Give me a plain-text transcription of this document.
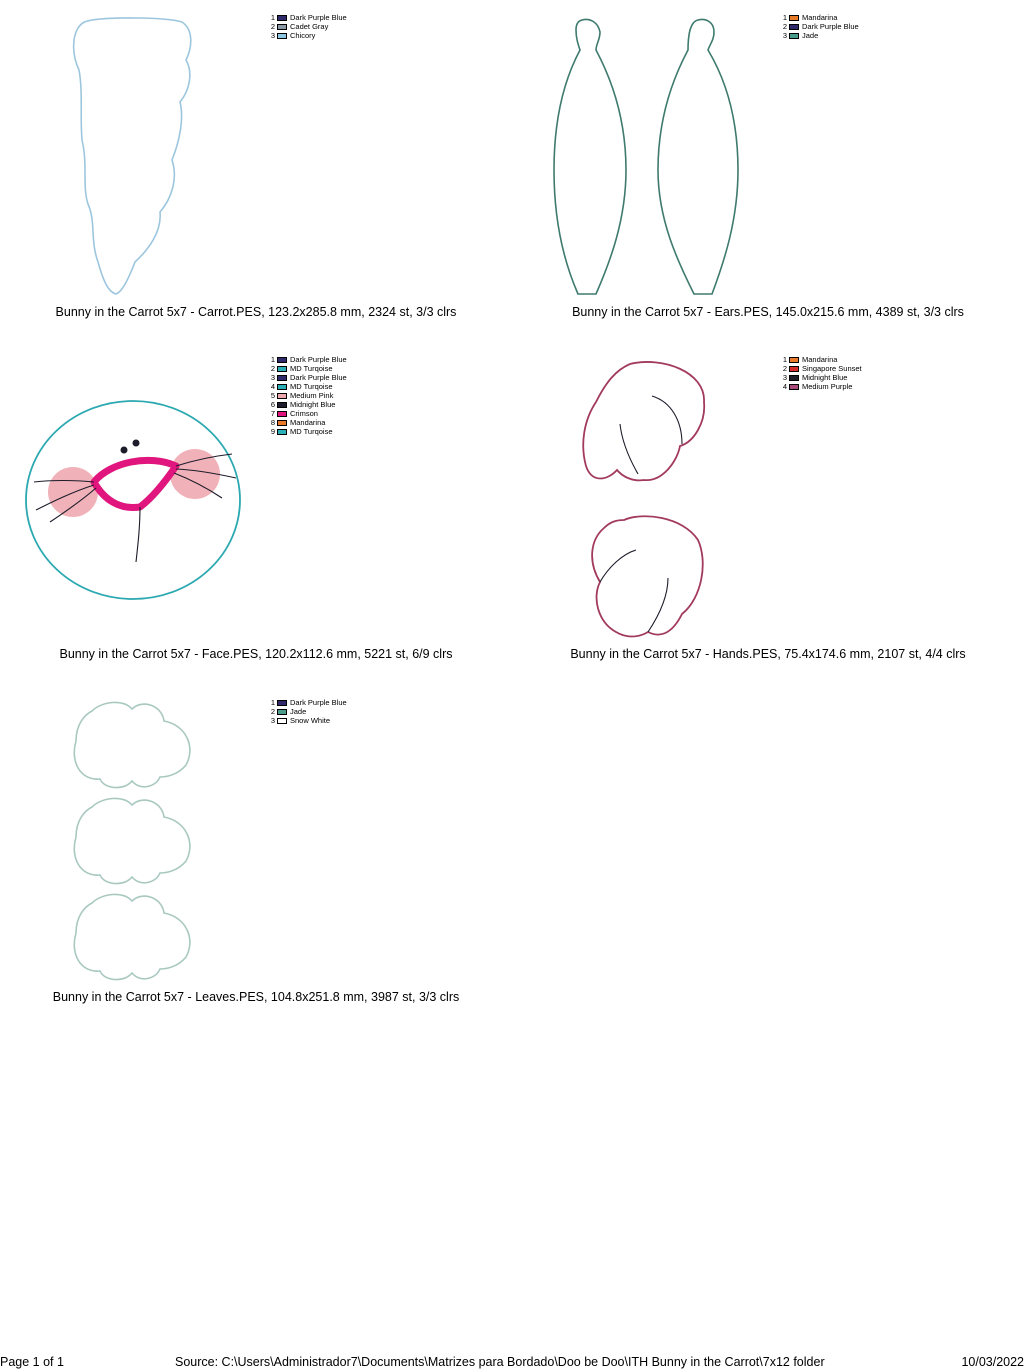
1 Dark Purple Blue
2 Cadet Gray
3 Chicory
Bunny in the Carrot 5x7 - Carrot.PES, 123.2x285.8 mm, 2324 st, 3/3 clrs
1 Mandarina
2 Dark Purple Blue
3 Jade
Bunny in the Carrot 5x7 - Ears.PES, 145.0x215.6 mm, 4389 st, 3/3 clrs
1 Dark Purple Blue
2 MD Turqoise
3 Dark Purple Blue
4 MD Turqoise
5 Medium Pink
6 Midnight Blue
7 Crimson
8 Mandarina
9 MD Turqoise
Bunny in the Carrot 5x7 - Face.PES, 120.2x112.6 mm, 5221 st, 6/9 clrs
1 Mandarina
2 Singapore Sunset
3 Midnight Blue
4 Medium Purple
Bunny in the Carrot 5x7 - Hands.PES, 75.4x174.6 mm, 2107 st, 4/4 clrs
1 Dark Purple Blue
2 Jade
3 Snow White
Bunny in the Carrot 5x7 - Leaves.PES, 104.8x251.8 mm, 3987 st, 3/3 clrs
Page 1 of 1	Source: C:\Users\Administrador7\Documents\Matrizes para Bordado\Doo be Doo\ITH Bunny in the Carrot\7x12 folder	10/03/2022
